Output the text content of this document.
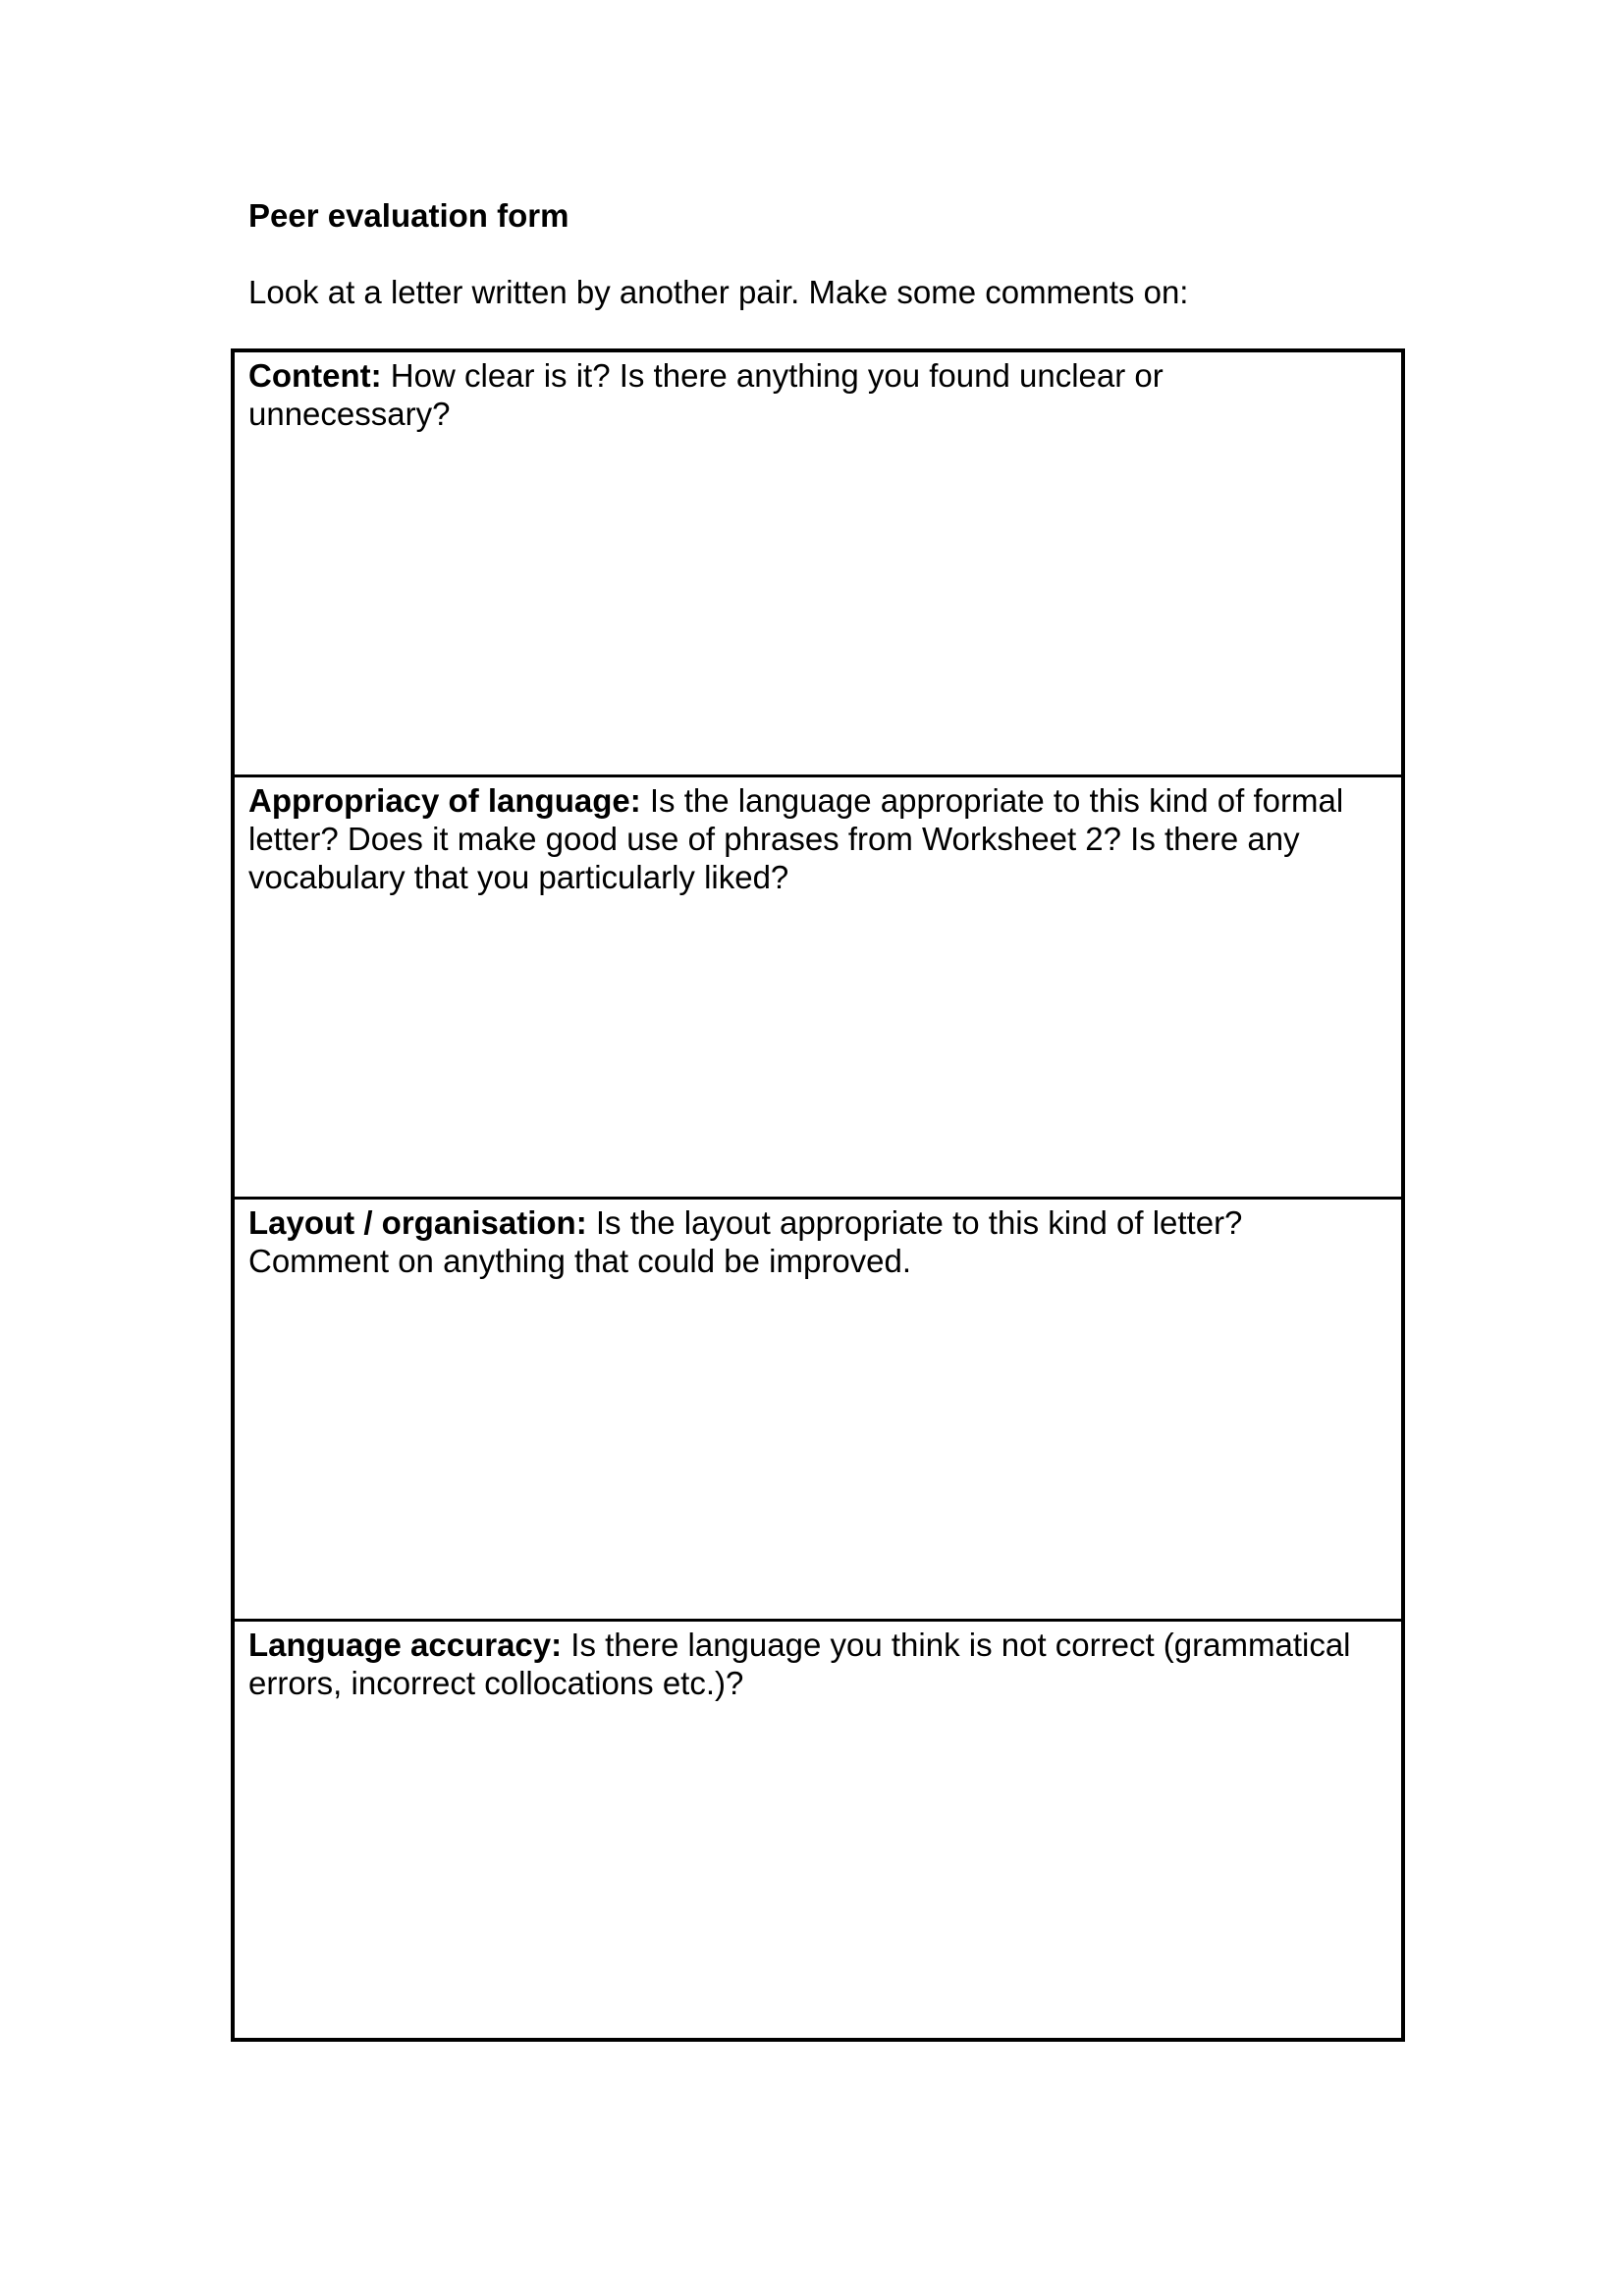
Peer evaluation form

Look at a letter written by another pair. Make some comments on:

Content: How clear is it? Is there anything you found unclear or unnecessary?

Appropriacy of language: Is the language appropriate to this kind of formal letter? Does it make good use of phrases from Worksheet 2? Is there any vocabulary that you particularly liked?

Layout / organisation: Is the layout appropriate to this kind of letter? Comment on anything that could be improved.

Language accuracy: Is there language you think is not correct (grammatical errors, incorrect collocations etc.)?
